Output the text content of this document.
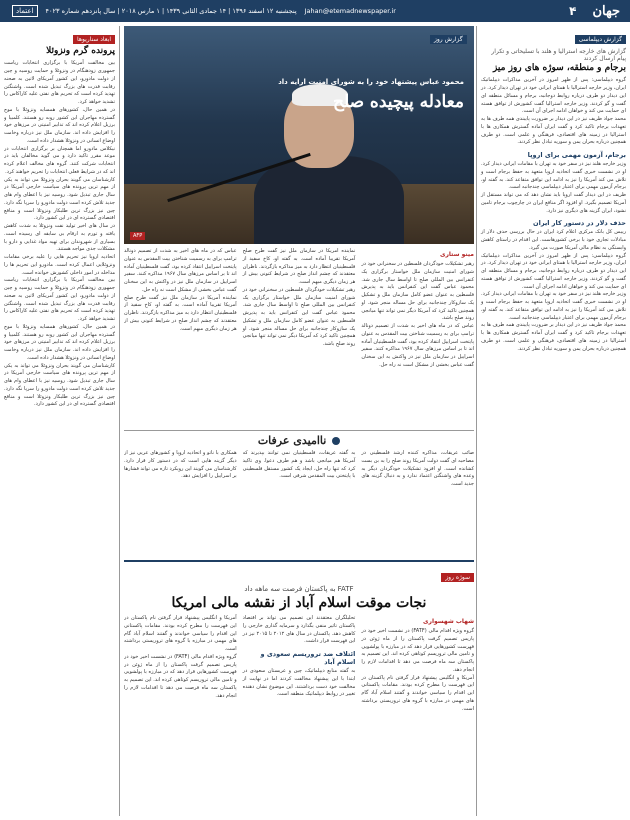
جهان
۴
اعتماد	پنجشنبه ۱۲ اسفند ۱۳۹۶ | ۱۴ جمادی الثانی ۱۴۳۹ | ۱ مارس ۲۰۱۸ | سال پانزدهم شماره ۴۰۲۳ Jahan@etemadnewspaper.ir
گزارش دیپلماسی
گزارش های خارجه استرالیا و هلند با تسلیحاتی و تکرار پیام ارسال کردند
برجام و منطقه، سوژه های روز میز

گروه دیپلماسی: پس از ظهر امروز در آخرین مذاکرات دیپلماتیک ایران، وزیر خارجه استرالیا با همتای ایرانی خود در تهران دیدار کرد. در این دیدار دو طرف درباره روابط دوجانبه، برجام و مسائل منطقه ای گفت و گو کردند. وزیر خارجه استرالیا گفت کشورش از توافق هسته ای حمایت می کند و خواهان ادامه اجرای آن است.

محمد جواد ظریف نیز در این دیدار بر ضرورت پایبندی همه طرف ها به تعهدات برجام تاکید کرد و گفت ایران آماده گسترش همکاری ها با استرالیا در زمینه های اقتصادی، فرهنگی و علمی است. دو طرف همچنین درباره بحران یمن و سوریه تبادل نظر کردند.

برجام، آزمون مهمی برای اروپا

وزیر خارجه هلند نیز در سفر خود به تهران با مقامات ایرانی دیدار کرد. او در نشست خبری گفت اتحادیه اروپا متعهد به حفظ برجام است و تلاش می کند آمریکا را نیز به ادامه این توافق متقاعد کند. به گفته او، برجام آزمون مهمی برای اعتبار دیپلماسی چندجانبه است.

ظریف در این دیدار گفت اروپا باید نشان دهد که می تواند مستقل از آمریکا تصمیم بگیرد. او افزود اگر منافع ایران در چارچوب برجام تامین نشود، ایران گزینه های دیگری نیز دارد.

حذف دلار در دستور کار ایران

رییس کل بانک مرکزی اعلام کرد ایران در حال بررسی حذف دلار از مبادلات تجاری خود با برخی کشورهاست. این اقدام در راستای کاهش وابستگی به نظام مالی آمریکا صورت می گیرد.

گروه دیپلماسی: پس از ظهر امروز در آخرین مذاکرات دیپلماتیک ایران، وزیر خارجه استرالیا با همتای ایرانی خود در تهران دیدار کرد. در این دیدار دو طرف درباره روابط دوجانبه، برجام و مسائل منطقه ای گفت و گو کردند. وزیر خارجه استرالیا گفت کشورش از توافق هسته ای حمایت می کند و خواهان ادامه اجرای آن است.

وزیر خارجه هلند نیز در سفر خود به تهران با مقامات ایرانی دیدار کرد. او در نشست خبری گفت اتحادیه اروپا متعهد به حفظ برجام است و تلاش می کند آمریکا را نیز به ادامه این توافق متقاعد کند. به گفته او، برجام آزمون مهمی برای اعتبار دیپلماسی چندجانبه است.

محمد جواد ظریف نیز در این دیدار بر ضرورت پایبندی همه طرف ها به تعهدات برجام تاکید کرد و گفت ایران آماده گسترش همکاری ها با استرالیا در زمینه های اقتصادی، فرهنگی و علمی است. دو طرف همچنین درباره بحران یمن و سوریه تبادل نظر کردند.

محمود عباس پیشنهاد خود را به شورای امنیت ارایه داد
معادله پیچیده صلح
AFP
گزارش روز
مینو ستاری

رهبر تشکیلات خودگردان فلسطین در سخنرانی خود در شورای امنیت سازمان ملل خواستار برگزاری یک کنفرانس بین المللی صلح تا اواسط سال جاری شد. محمود عباس گفت این کنفرانس باید به پذیرش فلسطین به عنوان عضو کامل سازمان ملل و تشکیل یک سازوکار چندجانبه برای حل مساله منجر شود. او همچنین تاکید کرد که آمریکا دیگر نمی تواند تنها میانجی روند صلح باشد.

عباس که در ماه های اخیر به شدت از تصمیم دونالد ترامپ برای به رسمیت شناختن بیت المقدس به عنوان پایتخت اسراییل انتقاد کرده بود، گفت فلسطینیان آماده اند تا بر اساس مرزهای سال ۱۹۶۷ مذاکره کنند. سفیر اسراییل در سازمان ملل نیز در واکنش به این سخنان گفت عباس بخشی از مشکل است نه راه حل.

نماینده آمریکا در سازمان ملل نیز گفت طرح صلح آمریکا تقریبا آماده است. به گفته او، کاخ سفید از فلسطینیان انتظار دارد به میز مذاکره بازگردند. ناظران معتقدند که چشم انداز صلح در شرایط کنونی بیش از هر زمان دیگری مبهم است.

رهبر تشکیلات خودگردان فلسطین در سخنرانی خود در شورای امنیت سازمان ملل خواستار برگزاری یک کنفرانس بین المللی صلح تا اواسط سال جاری شد. محمود عباس گفت این کنفرانس باید به پذیرش فلسطین به عنوان عضو کامل سازمان ملل و تشکیل یک سازوکار چندجانبه برای حل مساله منجر شود. او همچنین تاکید کرد که آمریکا دیگر نمی تواند تنها میانجی روند صلح باشد.

عباس که در ماه های اخیر به شدت از تصمیم دونالد ترامپ برای به رسمیت شناختن بیت المقدس به عنوان پایتخت اسراییل انتقاد کرده بود، گفت فلسطینیان آماده اند تا بر اساس مرزهای سال ۱۹۶۷ مذاکره کنند. سفیر اسراییل در سازمان ملل نیز در واکنش به این سخنان گفت عباس بخشی از مشکل است نه راه حل.

نماینده آمریکا در سازمان ملل نیز گفت طرح صلح آمریکا تقریبا آماده است. به گفته او، کاخ سفید از فلسطینیان انتظار دارد به میز مذاکره بازگردند. ناظران معتقدند که چشم انداز صلح در شرایط کنونی بیش از هر زمان دیگری مبهم است.

ناامیدی عرفات

صائب عریقات، مذاکره کننده ارشد فلسطینی در مصاحبه ای گفت دولت آمریکا روند صلح را به بن بست کشانده است. او افزود تشکیلات خودگردان دیگر به وعده های واشنگتن اعتماد ندارد و به دنبال گزینه های جدید است.

به گفته عریقات، فلسطینیان نمی توانند بپذیرند که آمریکا هم میانجی باشد و هم طرف دعوا. وی تاکید کرد که تنها راه حل، ایجاد یک کشور مستقل فلسطینی با پایتختی بیت المقدس شرقی است.

همکاری با ناتو و اتحادیه اروپا و کشورهای عربی نیز از دیگر گزینه هایی است که در دستور کار قرار دارد. کارشناسان می گویند این رویکرد تازه می تواند فشارها بر اسراییل را افزایش دهد.

سوژه روز
FATF به پاکستان فرصت سه ماهه داد
نجات موقت اسلام آباد از نقشه مالی امریکا
شهاب شهسواری

گروه ویژه اقدام مالی (FATF) در نشست اخیر خود در پاریس تصمیم گرفت پاکستان را از ماه ژوئن در فهرست کشورهایی قرار دهد که در مبارزه با پولشویی و تامین مالی تروریسم کوتاهی کرده اند. این تصمیم به پاکستان سه ماه فرصت می دهد تا اقدامات لازم را انجام دهد.

آمریکا و انگلیس پیشنهاد قرار گرفتن نام پاکستان در این فهرست را مطرح کرده بودند. مقامات پاکستانی این اقدام را سیاسی خواندند و گفتند اسلام آباد گام های مهمی در مبارزه با گروه های تروریستی برداشته است.

تحلیلگران معتقدند این تصمیم می تواند بر اقتصاد پاکستان تاثیر منفی بگذارد و سرمایه گذاری خارجی را کاهش دهد. پاکستان در سال های ۲۰۱۲ تا ۲۰۱۵ نیز در این فهرست قرار داشت.

ائتلاف ضد تروریسم سعودی و اسلام آباد

به گفته منابع دیپلماتیک، چین و عربستان سعودی در ابتدا با این پیشنهاد مخالفت کردند اما در نهایت از مخالفت خود دست برداشتند. این موضوع نشان دهنده تغییر در روابط دیپلماتیک منطقه است.

آمریکا و انگلیس پیشنهاد قرار گرفتن نام پاکستان در این فهرست را مطرح کرده بودند. مقامات پاکستانی این اقدام را سیاسی خواندند و گفتند اسلام آباد گام های مهمی در مبارزه با گروه های تروریستی برداشته است.

گروه ویژه اقدام مالی (FATF) در نشست اخیر خود در پاریس تصمیم گرفت پاکستان را از ماه ژوئن در فهرست کشورهایی قرار دهد که در مبارزه با پولشویی و تامین مالی تروریسم کوتاهی کرده اند. این تصمیم به پاکستان سه ماه فرصت می دهد تا اقدامات لازم را انجام دهد.

ابعاد سناریوها
پرونده گرم ونزوئلا

بین مخالفت آمریکا با برگزاری انتخابات ریاست جمهوری زودهنگام در ونزوئلا و حمایت روسیه و چین از دولت مادورو، این کشور آمریکای لاتین به صحنه رقابت قدرت های بزرگ تبدیل شده است. واشنگتن تهدید کرده است که تحریم های نفتی علیه کاراکاس را تشدید خواهد کرد.

در همین حال، کشورهای همسایه ونزوئلا با موج گسترده مهاجران این کشور روبه رو هستند. کلمبیا و برزیل اعلام کرده اند که تدابیر امنیتی در مرزهای خود را افزایش داده اند. سازمان ملل نیز درباره وخامت اوضاع انسانی در ونزوئلا هشدار داده است.

نیکلاس مادورو اما همچنان بر برگزاری انتخابات در موعد مقرر تاکید دارد و می گوید مخالفان باید در انتخابات شرکت کنند. گروه های مخالف اعلام کرده اند که در شرایط فعلی انتخابات را تحریم خواهند کرد.

کارشناسان می گویند بحران ونزوئلا می تواند به یکی از مهم ترین پرونده های سیاست خارجی آمریکا در سال جاری تبدیل شود. روسیه نیز با اعطای وام های جدید تلاش کرده است دولت مادورو را سرپا نگه دارد. چین نیز بزرگ ترین طلبکار ونزوئلا است و منافع اقتصادی گسترده ای در این کشور دارد.

در سال های اخیر تولید نفت ونزوئلا به شدت کاهش یافته و تورم به ارقام بی سابقه ای رسیده است. بسیاری از شهروندان برای تهیه مواد غذایی و دارو با مشکلات جدی مواجه هستند.

اتحادیه اروپا نیز تحریم هایی را علیه برخی مقامات ونزوئلایی اعمال کرده است. مادورو این تحریم ها را مداخله در امور داخلی کشورش خوانده است.

بین مخالفت آمریکا با برگزاری انتخابات ریاست جمهوری زودهنگام در ونزوئلا و حمایت روسیه و چین از دولت مادورو، این کشور آمریکای لاتین به صحنه رقابت قدرت های بزرگ تبدیل شده است. واشنگتن تهدید کرده است که تحریم های نفتی علیه کاراکاس را تشدید خواهد کرد.

در همین حال، کشورهای همسایه ونزوئلا با موج گسترده مهاجران این کشور روبه رو هستند. کلمبیا و برزیل اعلام کرده اند که تدابیر امنیتی در مرزهای خود را افزایش داده اند. سازمان ملل نیز درباره وخامت اوضاع انسانی در ونزوئلا هشدار داده است.

کارشناسان می گویند بحران ونزوئلا می تواند به یکی از مهم ترین پرونده های سیاست خارجی آمریکا در سال جاری تبدیل شود. روسیه نیز با اعطای وام های جدید تلاش کرده است دولت مادورو را سرپا نگه دارد. چین نیز بزرگ ترین طلبکار ونزوئلا است و منافع اقتصادی گسترده ای در این کشور دارد.
